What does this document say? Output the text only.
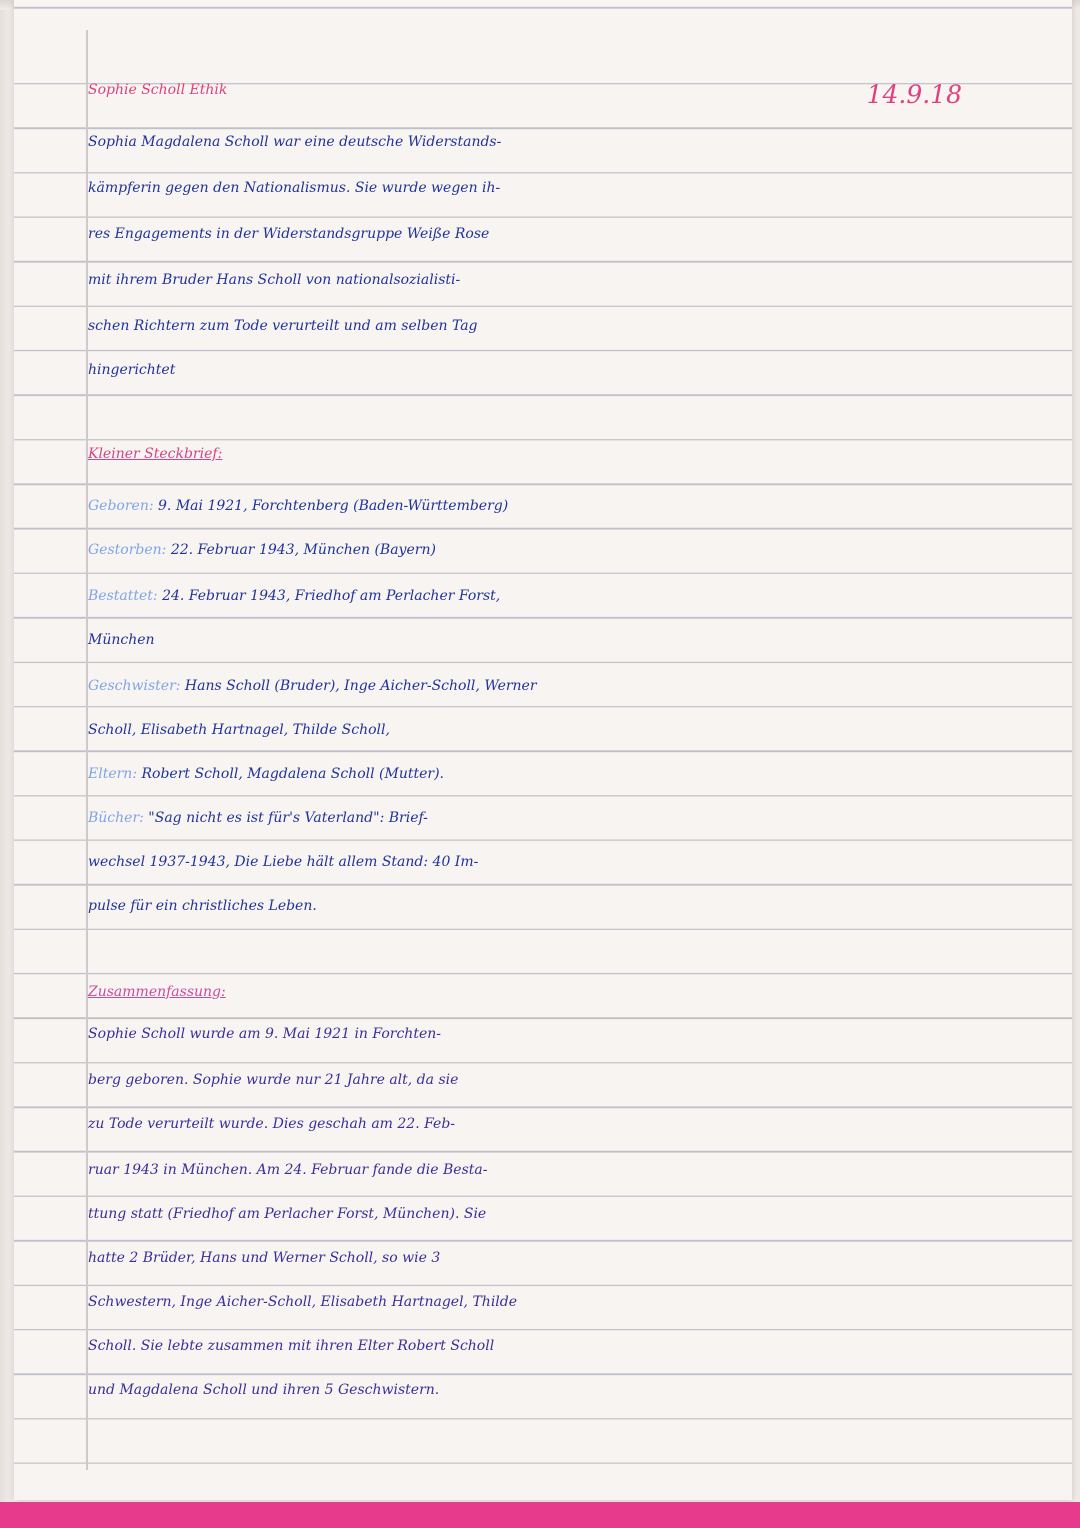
Sophie Scholl Ethik	14.9.18
Sophia Magdalena Scholl war eine deutsche Widerstands-
kämpferin gegen den Nationalismus. Sie wurde wegen ih-
res Engagements in der Widerstandsgruppe Weiße Rose
mit ihrem Bruder Hans Scholl von nationalsozialisti-
schen Richtern zum Tode verurteilt und am selben Tag
hingerichtet
Kleiner Steckbrief:
Geboren: 9. Mai 1921, Forchtenberg (Baden-Württemberg)
Gestorben: 22. Februar 1943, München (Bayern)
Bestattet: 24. Februar 1943, Friedhof am Perlacher Forst,
München
Geschwister: Hans Scholl (Bruder), Inge Aicher-Scholl, Werner
Scholl, Elisabeth Hartnagel, Thilde Scholl,
Eltern: Robert Scholl, Magdalena Scholl (Mutter).
Bücher: "Sag nicht es ist für's Vaterland": Brief-
wechsel 1937-1943, Die Liebe hält allem Stand: 40 Im-
pulse für ein christliches Leben.
Zusammenfassung:
Sophie Scholl wurde am 9. Mai 1921 in Forchten-
berg geboren. Sophie wurde nur 21 Jahre alt, da sie
zu Tode verurteilt wurde. Dies geschah am 22. Feb-
ruar 1943 in München. Am 24. Februar fande die Besta-
ttung statt (Friedhof am Perlacher Forst, München). Sie
hatte 2 Brüder, Hans und Werner Scholl, so wie 3
Schwestern, Inge Aicher-Scholl, Elisabeth Hartnagel, Thilde
Scholl. Sie lebte zusammen mit ihren Elter Robert Scholl
und Magdalena Scholl und ihren 5 Geschwistern.
